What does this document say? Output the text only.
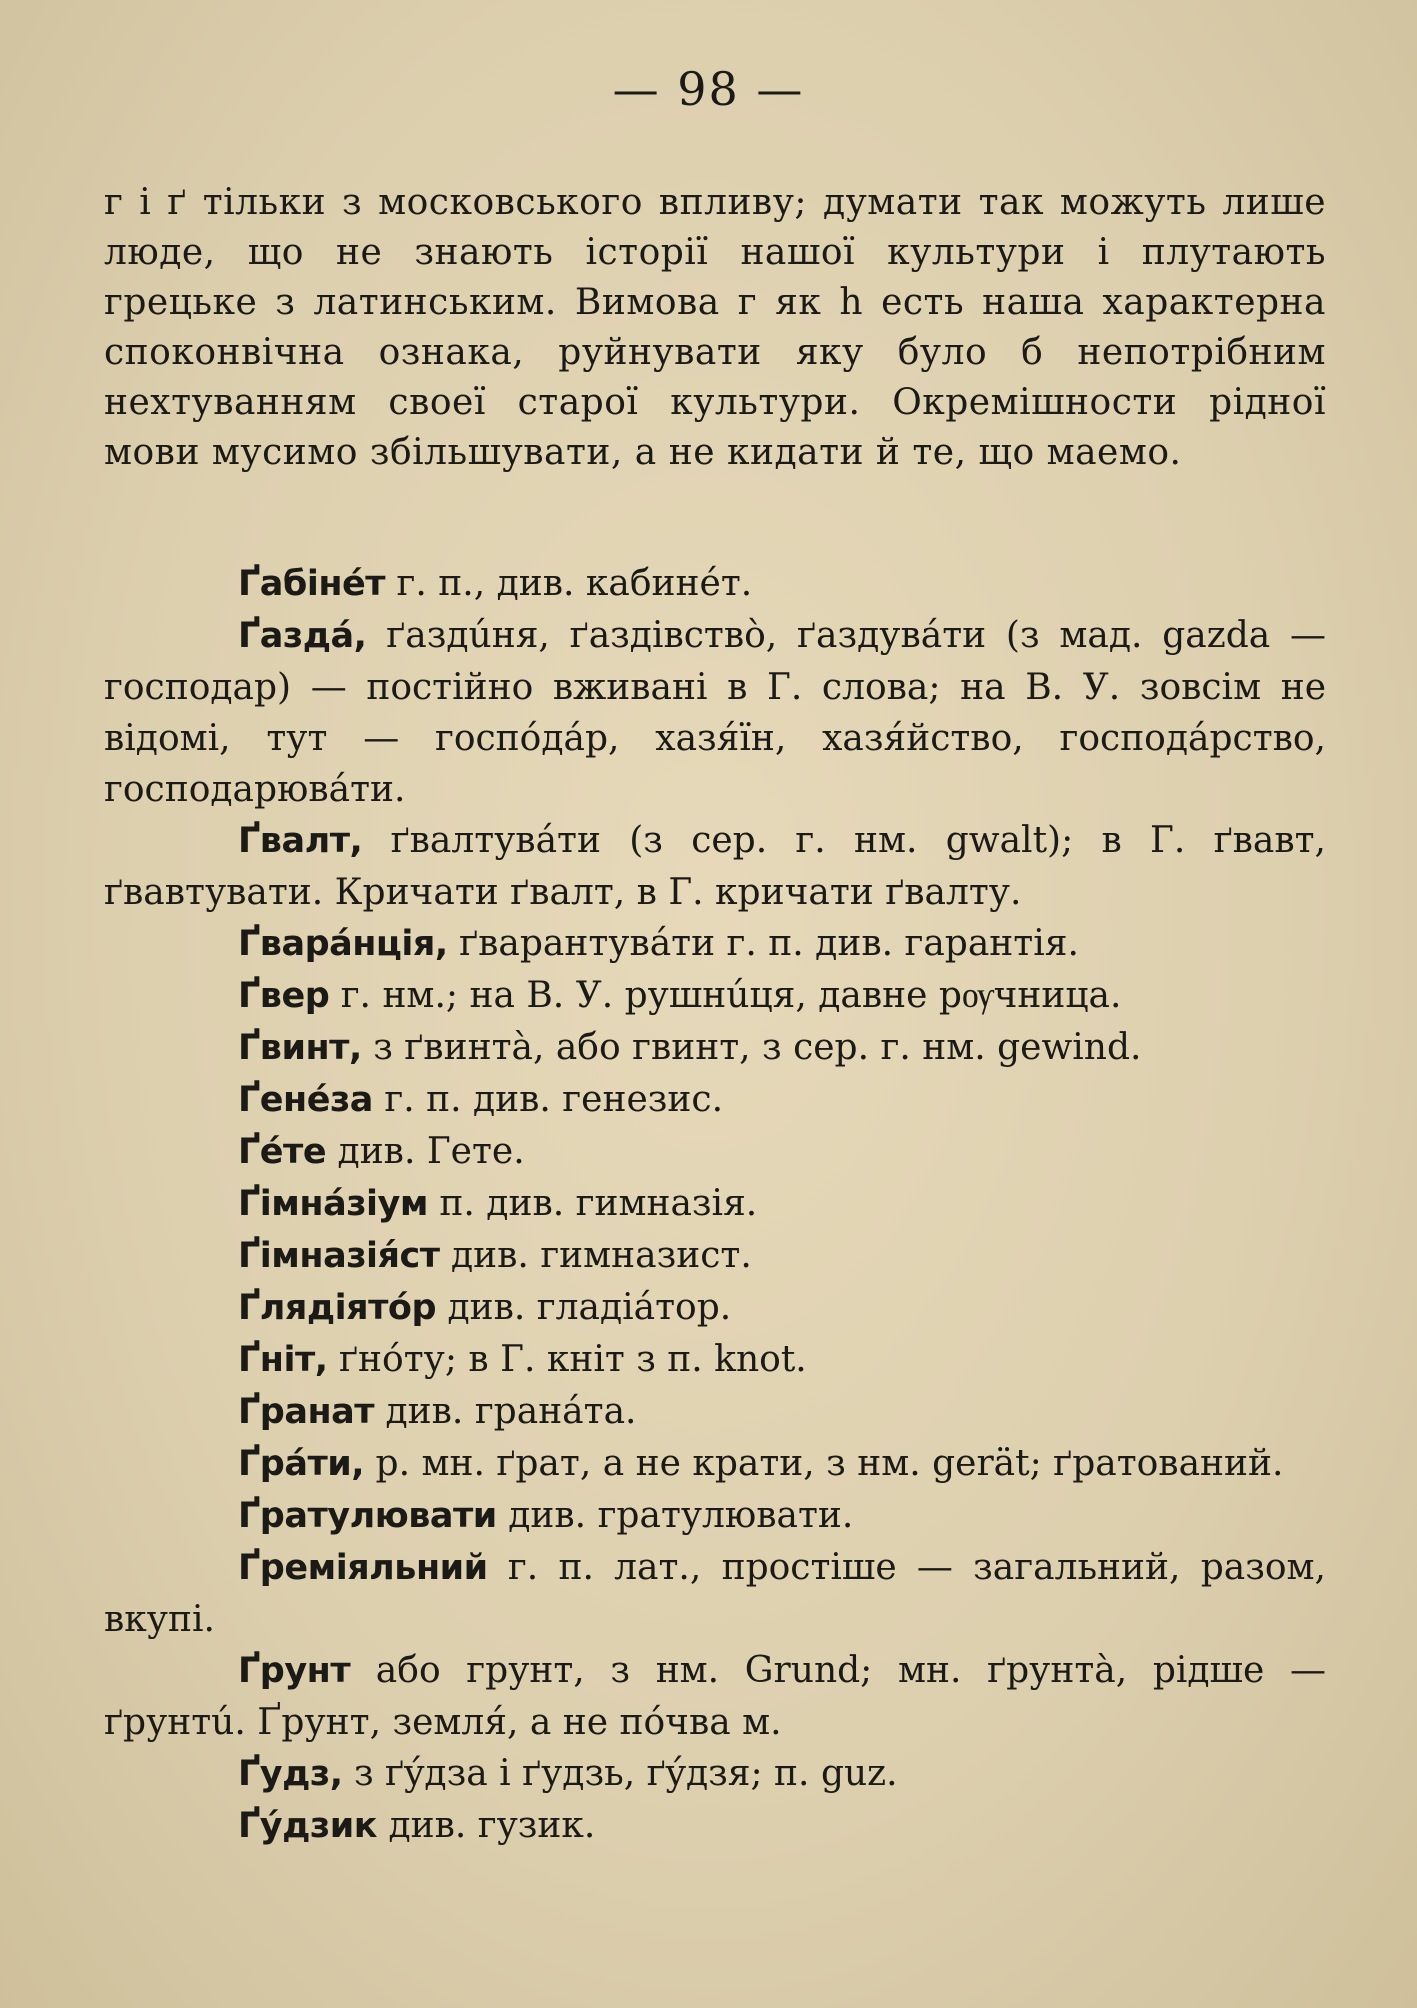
— 98 —

г і ґ тільки з московського впливу; думати так можуть лише люде, що не знають історії нашої культури і плутають грецьке з латинським. Вимова г як h есть наша характерна споконвічна ознака, руйнувати яку було б непотрібним нехтуванням своеї старої культури. Окремішности рідної мови мусимо збільшувати, а не кидати й те, що маемо.

Ґабінéт г. п., див. кабинéт.

Ґаздá, ґаздúня, ґаздівствò, ґаздувáти (з мад. gazda — господар) — постійно вживані в Г. слова; на В. У. зовсім не відомі, тут — госпóдáр, хазя́їн, хазя́йство, господáрство, господарювáти.

Ґвалт, ґвалтувáти (з сер. г. нм. gwalt); в Г. ґвавт, ґвавтувати. Кричати ґвалт, в Г. кричати ґвалту.

Ґварáнція, ґварантувáти г. п. див. гарантія.

Ґвер г. нм.; на В. У. рушнúця, давне рѹчница.

Ґвинт, з ґвинтà, або гвинт, з сер. г. нм. gewind.

Ґенéза г. п. див. генезис.

Ґéте див. Гете.

Ґімнáзіум п. див. гимназія.

Ґімназія́ст див. гимназист.

Ґлядіятóр див. гладіáтор.

Ґніт, ґнóту; в Г. кнiт з п. knot.

Ґранат див. гранáта.

Ґрáти, р. мн. ґрат, а не крати, з нм. gerät; ґратований.

Ґратулювати див. гратулювати.

Ґреміяльний г. п. лат., простіше — загальний, разом, вкупі.

Ґрунт або грунт, з нм. Grund; мн. ґрунтà, рідше — ґрунтú. Ґрунт, земля́, а не пóчва м.

Ґудз, з ґýдза і ґудзь, ґýдзя; п. guz.

Ґýдзик див. гузик.
